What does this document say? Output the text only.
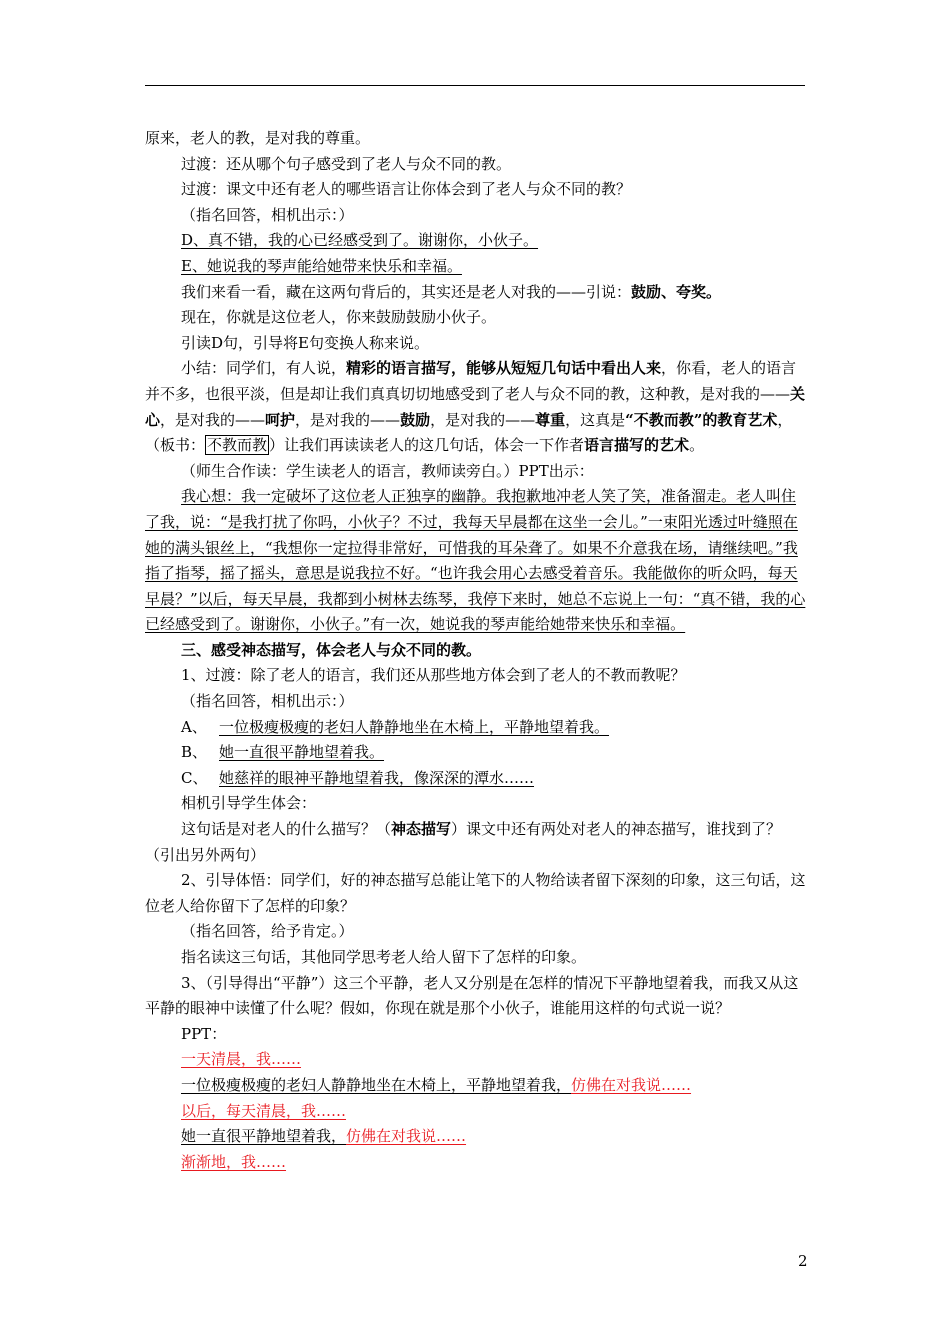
原来，老人的教，是对我的尊重。

过渡：还从哪个句子感受到了老人与众不同的教。

过渡：课文中还有老人的哪些语言让你体会到了老人与众不同的教？

（指名回答，相机出示：）

D、真不错，我的心已经感受到了。谢谢你，小伙子。

E、她说我的琴声能给她带来快乐和幸福。

我们来看一看，藏在这两句背后的，其实还是老人对我的——引说：鼓励、夸奖。

现在，你就是这位老人，你来鼓励鼓励小伙子。

引读D句，引导将E句变换人称来说。

小结：同学们，有人说，精彩的语言描写，能够从短短几句话中看出人来，你看，老人的语言并不多，也很平淡，但是却让我们真真切切地感受到了老人与众不同的教，这种教，是对我的——关心，是对我的——呵护，是对我的——鼓励，是对我的——尊重，这真是“不教而教”的教育艺术，（板书： 不教而教 ）让我们再读读老人的这几句话，体会一下作者语言描写的艺术。

（师生合作读：学生读老人的语言，教师读旁白。）PPT出示：

我心想：我一定破坏了这位老人正独享的幽静。我抱歉地冲老人笑了笑，准备溜走。老人叫住了我，说：“是我打扰了你吗，小伙子？不过，我每天早晨都在这坐一会儿。”一束阳光透过叶缝照在她的满头银丝上，“我想你一定拉得非常好，可惜我的耳朵聋了。如果不介意我在场，请继续吧。”我指了指琴，摇了摇头，意思是说我拉不好。“也许我会用心去感受着音乐。我能做你的听众吗，每天早晨？”以后，每天早晨，我都到小树林去练琴，我停下来时，她总不忘说上一句：“真不错，我的心已经感受到了。谢谢你，小伙子。”有一次，她说我的琴声能给她带来快乐和幸福。

三、感受神态描写，体会老人与众不同的教。

1、过渡：除了老人的语言，我们还从那些地方体会到了老人的不教而教呢？

（指名回答，相机出示：）

A、 一位极瘦极瘦的老妇人静静地坐在木椅上，平静地望着我。

B、 她一直很平静地望着我。

C、 她慈祥的眼神平静地望着我，像深深的潭水……

相机引导学生体会：

这句话是对老人的什么描写？（神态描写）课文中还有两处对老人的神态描写，谁找到了？（引出另外两句）

2、引导体悟：同学们，好的神态描写总能让笔下的人物给读者留下深刻的印象，这三句话，这位老人给你留下了怎样的印象？

（指名回答，给予肯定。）

指名读这三句话，其他同学思考老人给人留下了怎样的印象。

3、（引导得出“平静”）这三个平静，老人又分别是在怎样的情况下平静地望着我，而我又从这平静的眼神中读懂了什么呢？假如，你现在就是那个小伙子，谁能用这样的句式说一说？

PPT：

一天清晨，我……

一位极瘦极瘦的老妇人静静地坐在木椅上，平静地望着我，仿佛在对我说……

以后，每天清晨，我……

她一直很平静地望着我，仿佛在对我说……

渐渐地，我……

2
